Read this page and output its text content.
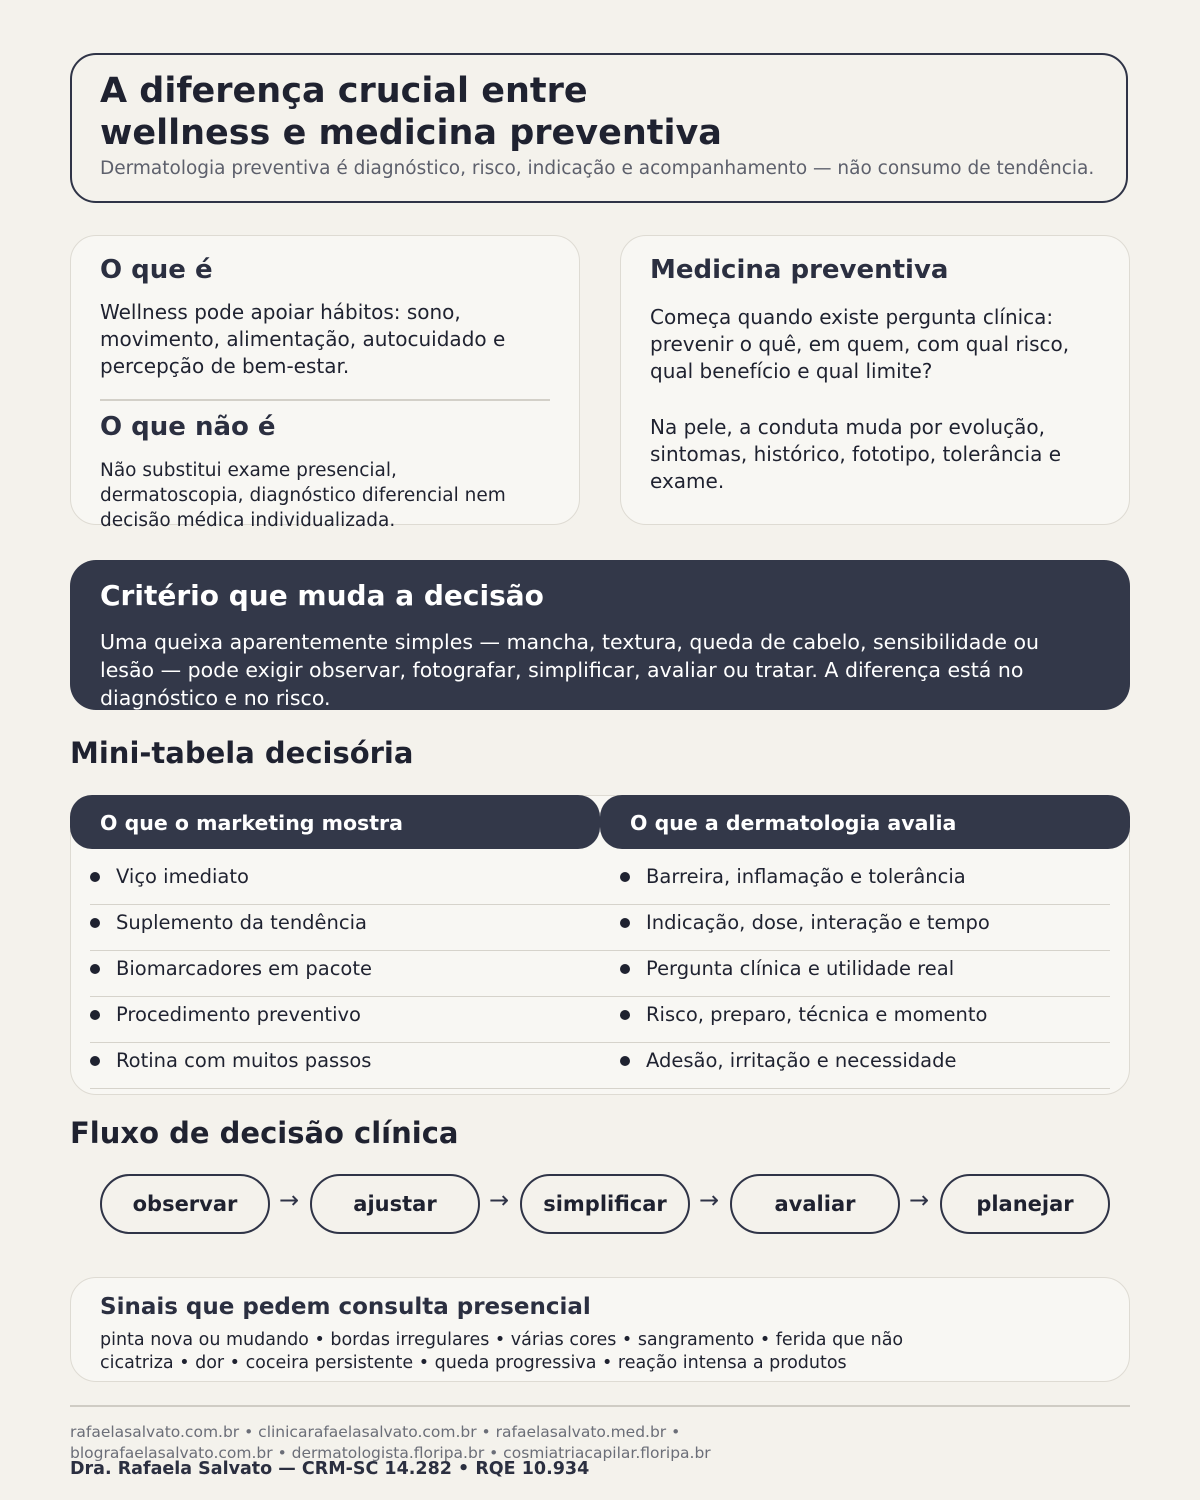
A diferença crucial entre
wellness e medicina preventiva
Dermatologia preventiva é diagnóstico, risco, indicação e acompanhamento — não consumo de tendência.
O que é
Wellness pode apoiar hábitos: sono, movimento, alimentação, autocuidado e percepção de bem-estar.
O que não é
Não substitui exame presencial, dermatoscopia, diagnóstico diferencial nem decisão médica individualizada.
Medicina preventiva
Começa quando existe pergunta clínica: prevenir o quê, em quem, com qual risco, qual benefício e qual limite?
Na pele, a conduta muda por evolução, sintomas, histórico, fototipo, tolerância e exame.
Critério que muda a decisão
Uma queixa aparentemente simples — mancha, textura, queda de cabelo, sensibilidade ou lesão — pode exigir observar, fotografar, simplificar, avaliar ou tratar. A diferença está no diagnóstico e no risco.
Mini-tabela decisória
O que o marketing mostra	O que a dermatologia avalia
Viço imediato	Barreira, inflamação e tolerância
Suplemento da tendência	Indicação, dose, interação e tempo
Biomarcadores em pacote	Pergunta clínica e utilidade real
Procedimento preventivo	Risco, preparo, técnica e momento
Rotina com muitos passos	Adesão, irritação e necessidade
Fluxo de decisão clínica
observar	→	ajustar	→	simplificar	→	avaliar	→	planejar
Sinais que pedem consulta presencial
pinta nova ou mudando • bordas irregulares • várias cores • sangramento • ferida que não cicatriza • dor • coceira persistente • queda progressiva • reação intensa a produtos
rafaelasalvato.com.br • clinicarafaelasalvato.com.br • rafaelasalvato.med.br • blografaelasalvato.com.br • dermatologista.floripa.br • cosmiatriacapilar.floripa.br
Dra. Rafaela Salvato — CRM-SC 14.282 • RQE 10.934
